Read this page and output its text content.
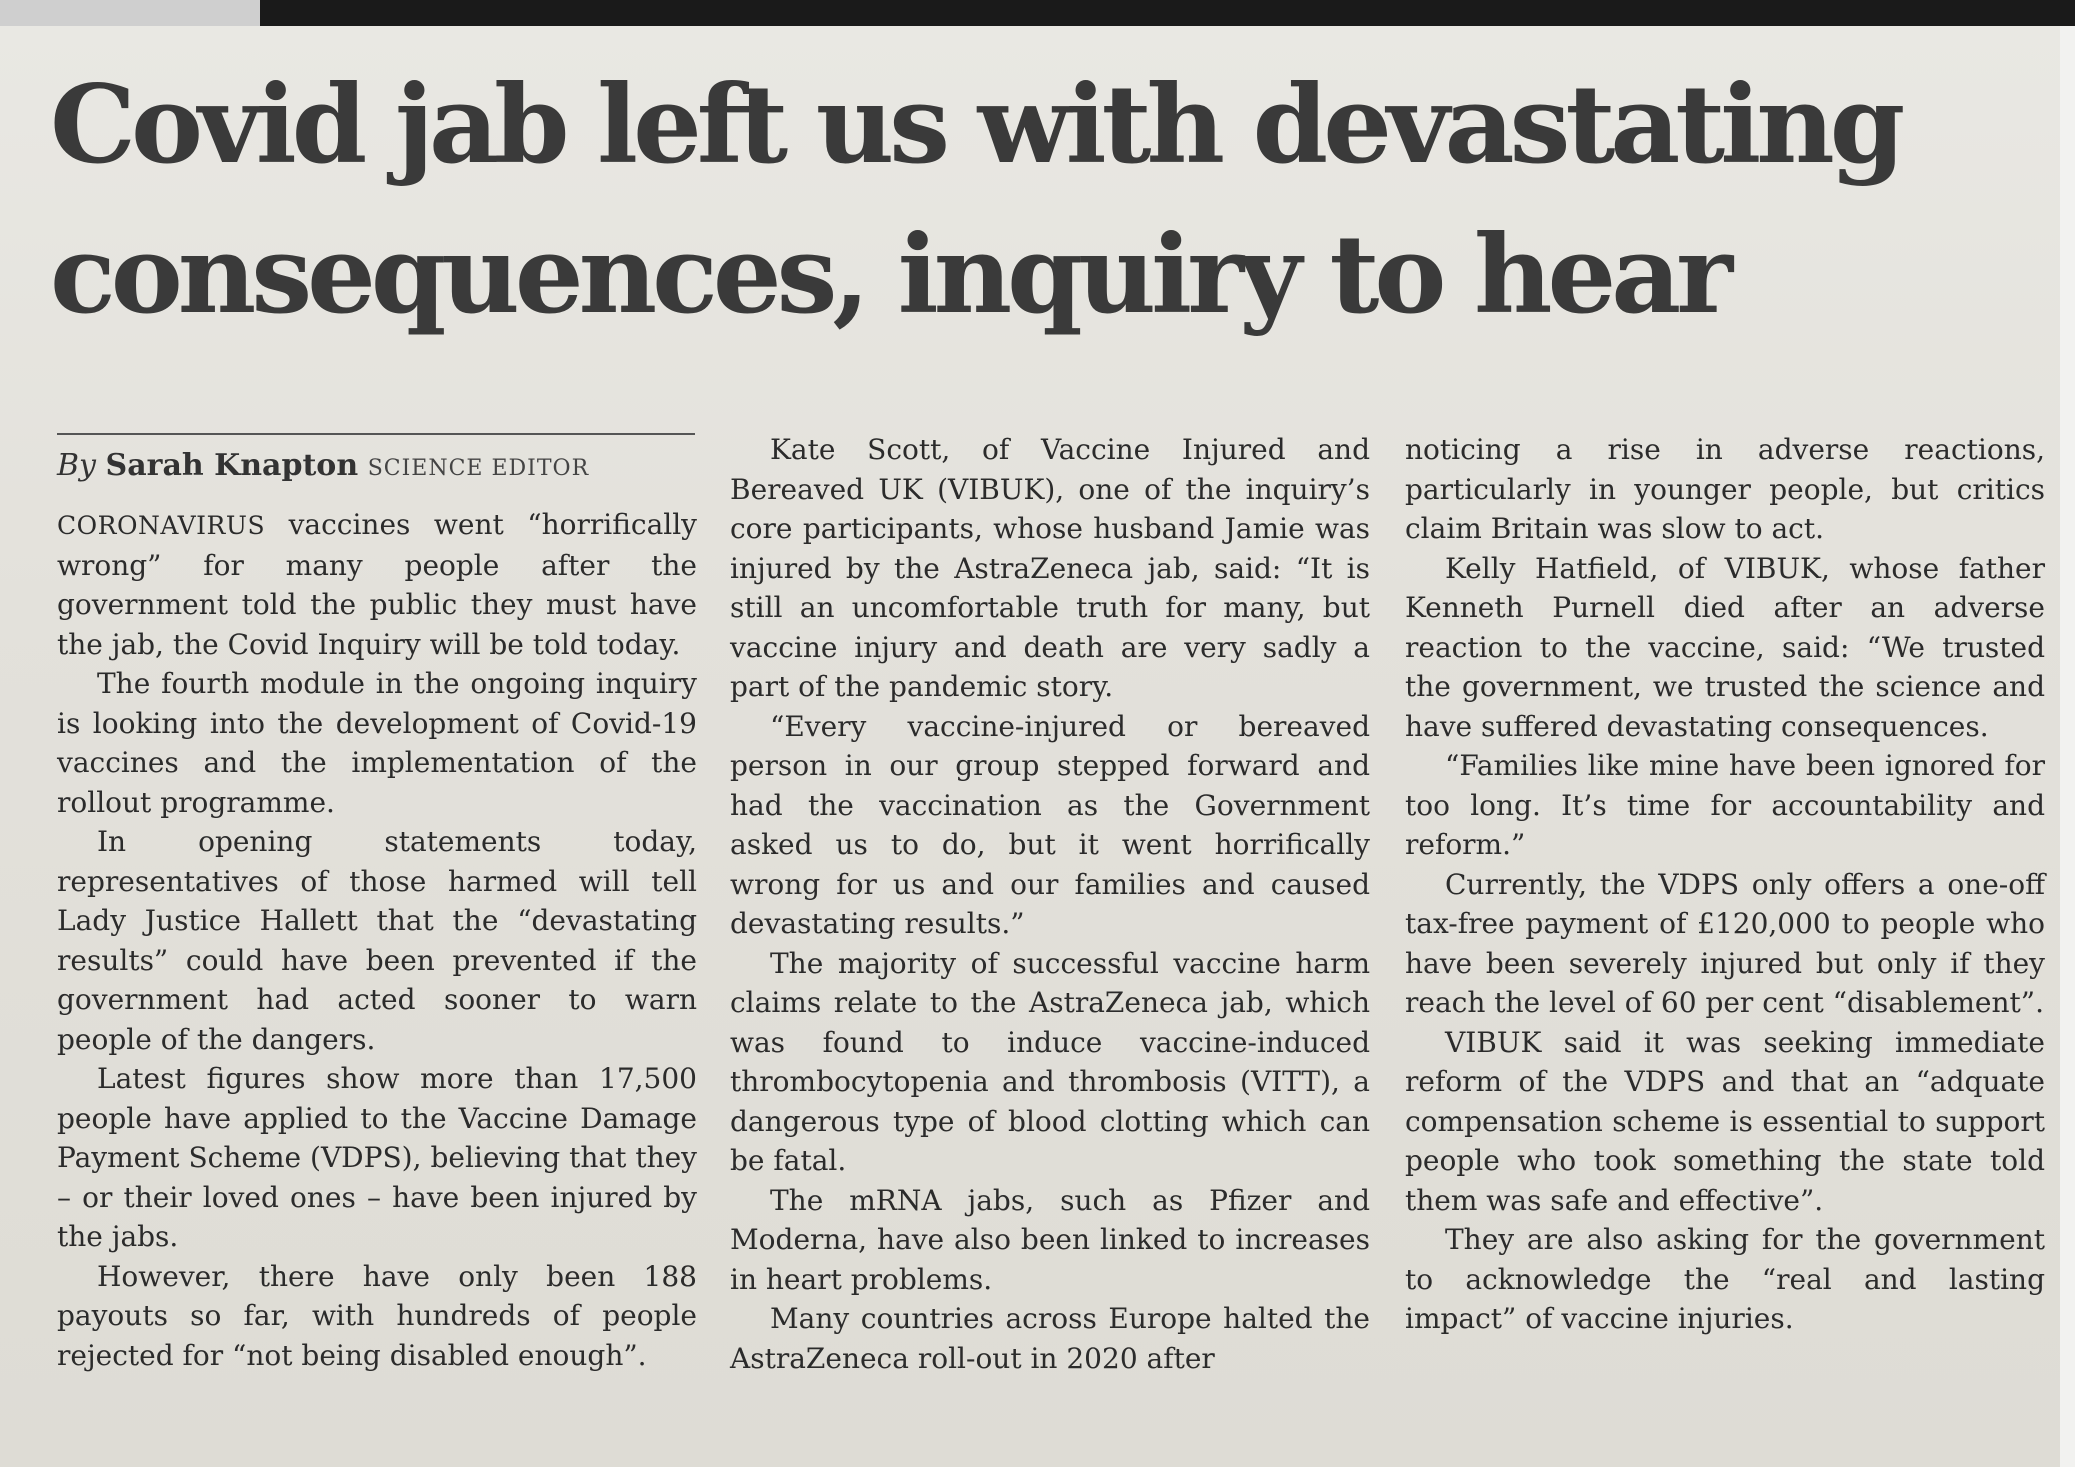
Covid jab left us with devastating
consequences, inquiry to hear
By Sarah Knapton SCIENCE EDITOR

CORONAVIRUS vaccines went “horrifically wrong” for many people after the government told the public they must have the jab, the Covid Inquiry will be told today.

The fourth module in the ongoing inquiry is looking into the development of Covid-19 vaccines and the implementation of the rollout programme.

In opening statements today, representatives of those harmed will tell Lady Justice Hallett that the “devastating results” could have been prevented if the government had acted sooner to warn people of the dangers.

Latest figures show more than 17,500 people have applied to the Vaccine Damage Payment Scheme (VDPS), believing that they – or their loved ones – have been injured by the jabs.

However, there have only been 188 payouts so far, with hundreds of people rejected for “not being disabled enough”.

Kate Scott, of Vaccine Injured and Bereaved UK (VIBUK), one of the inquiry’s core participants, whose husband Jamie was injured by the AstraZeneca jab, said: “It is still an uncomfortable truth for many, but vaccine injury and death are very sadly a part of the pandemic story.

“Every vaccine-injured or bereaved person in our group stepped forward and had the vaccination as the Government asked us to do, but it went horrifically wrong for us and our families and caused devastating results.”

The majority of successful vaccine harm claims relate to the AstraZeneca jab, which was found to induce vaccine-induced thrombocytopenia and thrombosis (VITT), a dangerous type of blood clotting which can be fatal.

The mRNA jabs, such as Pfizer and Moderna, have also been linked to increases in heart problems.

Many countries across Europe halted the AstraZeneca roll-out in 2020 after

noticing a rise in adverse reactions, particularly in younger people, but critics claim Britain was slow to act.

Kelly Hatfield, of VIBUK, whose father Kenneth Purnell died after an adverse reaction to the vaccine, said: “We trusted the government, we trusted the science and have suffered devastating consequences.

“Families like mine have been ignored for too long. It’s time for accountability and reform.”

Currently, the VDPS only offers a one-off tax-free payment of £120,000 to people who have been severely injured but only if they reach the level of 60 per cent “disablement”.

VIBUK said it was seeking immediate reform of the VDPS and that an “adquate compensation scheme is essential to support people who took something the state told them was safe and effective”.

They are also asking for the government to acknowledge the “real and lasting impact” of vaccine injuries.
